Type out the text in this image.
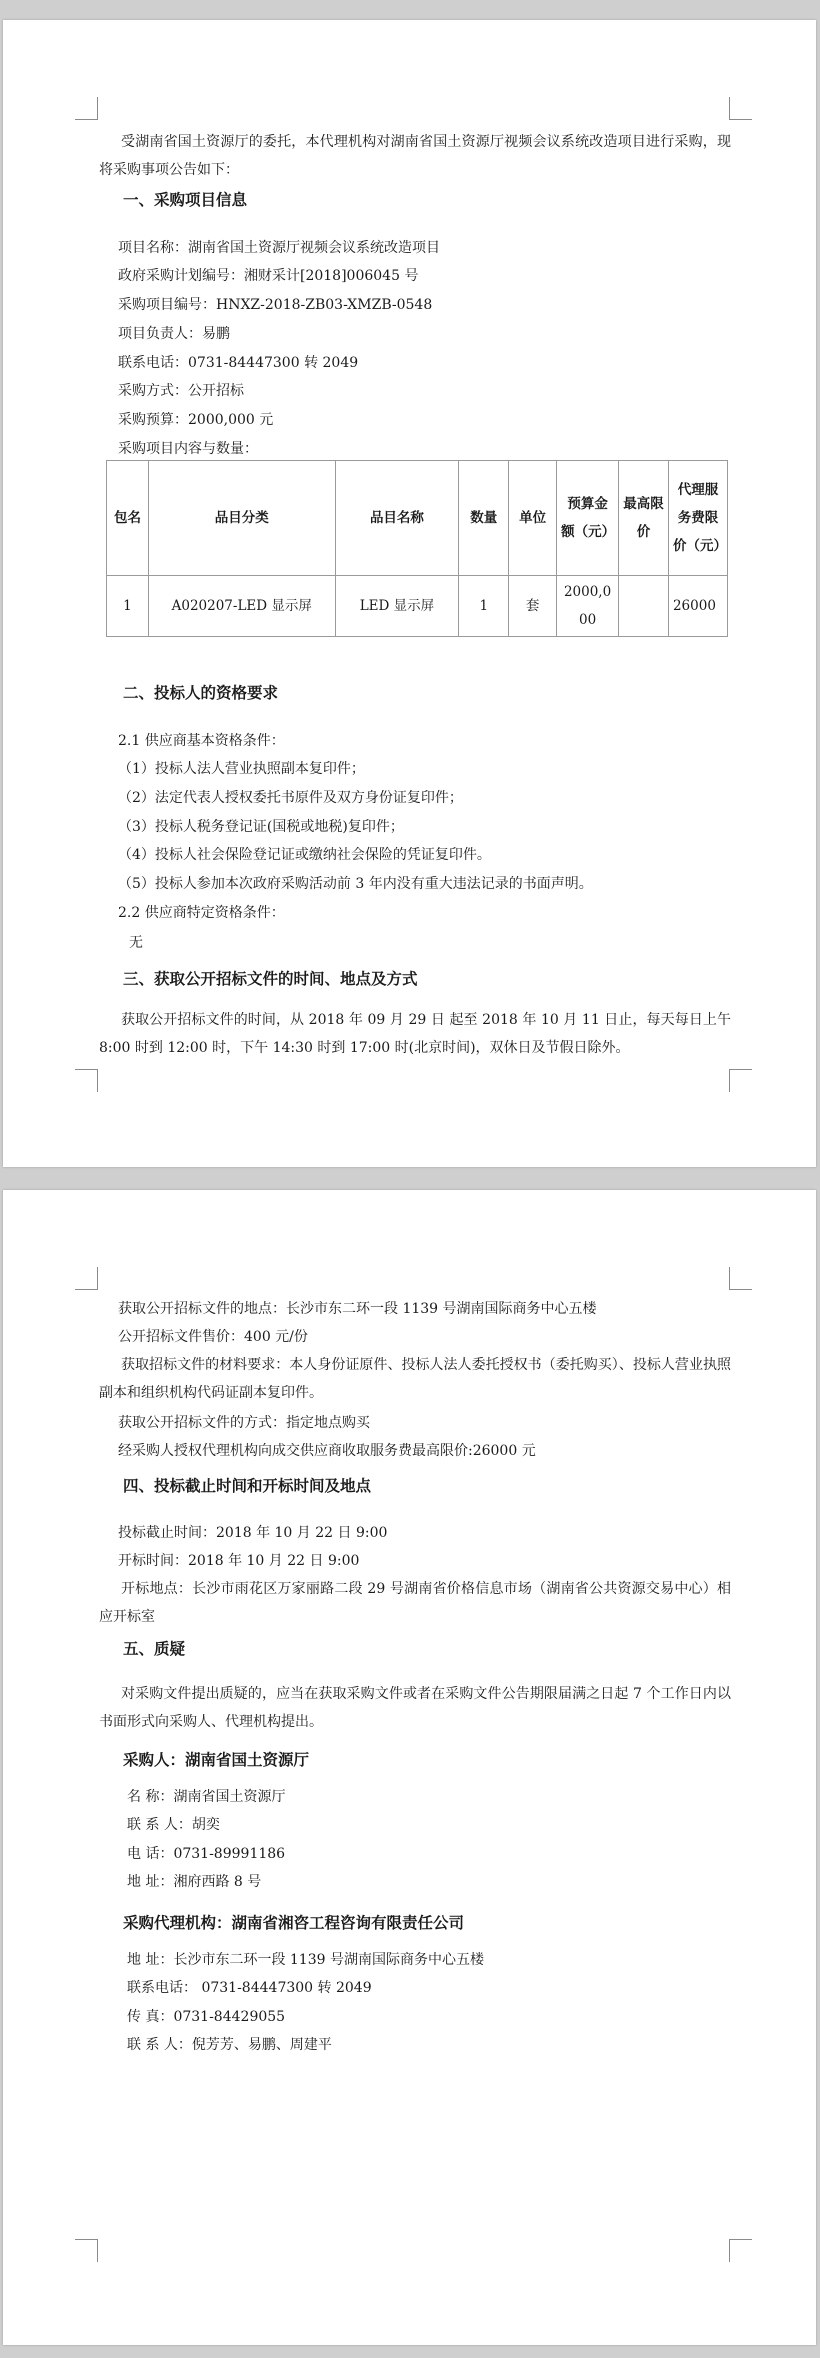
受湖南省国土资源厅的委托，本代理机构对湖南省国土资源厅视频会议系统改造项目进行采购，现将采购事项公告如下：
一、采购项目信息
项目名称：湖南省国土资源厅视频会议系统改造项目
政府采购计划编号：湘财采计[2018]006045 号
采购项目编号：HNXZ-2018-ZB03-XMZB-0548
项目负责人：易鹏
联系电话：0731-84447300 转 2049
采购方式：公开招标
采购预算：2000,000 元
采购项目内容与数量：
包名	品目分类	品目名称	数量	单位	预算金额（元）	最高限价	代理服务费限价（元）
1	A020207-LED 显示屏	LED 显示屏	1	套	2000,000		26000
二、投标人的资格要求
2.1 供应商基本资格条件：
（1）投标人法人营业执照副本复印件；
（2）法定代表人授权委托书原件及双方身份证复印件；
（3）投标人税务登记证(国税或地税)复印件；
（4）投标人社会保险登记证或缴纳社会保险的凭证复印件。
（5）投标人参加本次政府采购活动前 3 年内没有重大违法记录的书面声明。
2.2 供应商特定资格条件：
无
三、获取公开招标文件的时间、地点及方式
获取公开招标文件的时间，从 2018 年 09 月 29 日 起至 2018 年 10 月 11 日止，每天每日上午 8:00 时到 12:00 时，下午 14:30 时到 17:00 时(北京时间)，双休日及节假日除外。
获取公开招标文件的地点：长沙市东二环一段 1139 号湖南国际商务中心五楼
公开招标文件售价：400 元/份
获取招标文件的材料要求：本人身份证原件、投标人法人委托授权书（委托购买）、投标人营业执照副本和组织机构代码证副本复印件。
获取公开招标文件的方式：指定地点购买
经采购人授权代理机构向成交供应商收取服务费最高限价:26000 元
四、投标截止时间和开标时间及地点
投标截止时间：2018 年 10 月 22 日 9:00
开标时间：2018 年 10 月 22 日 9:00
开标地点：长沙市雨花区万家丽路二段 29 号湖南省价格信息市场（湖南省公共资源交易中心）相应开标室
五、质疑
对采购文件提出质疑的，应当在获取采购文件或者在采购文件公告期限届满之日起 7 个工作日内以书面形式向采购人、代理机构提出。
采购人：湖南省国土资源厅
名 称：湖南省国土资源厅
联 系 人：胡奕
电 话：0731-89991186
地 址：湘府西路 8 号
采购代理机构：湖南省湘咨工程咨询有限责任公司
地 址：长沙市东二环一段 1139 号湖南国际商务中心五楼
联系电话： 0731-84447300 转 2049
传 真：0731-84429055
联 系 人：倪芳芳、易鹏、周建平
